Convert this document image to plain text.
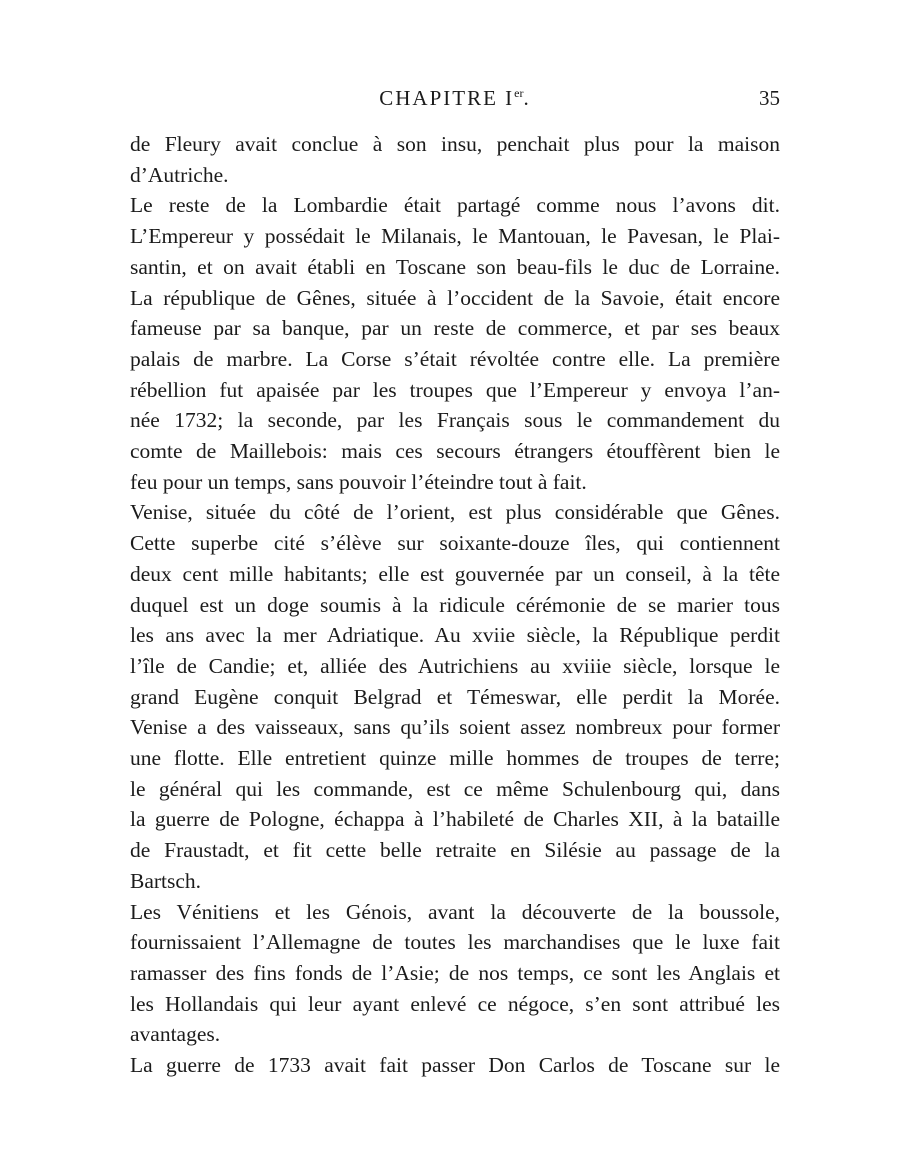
CHAPITRE Ier.	35

de Fleury avait conclue à son insu, penchait plus pour la maison
d’Autriche.

Le reste de la Lombardie était partagé comme nous l’avons dit.
L’Empereur y possédait le Milanais, le Mantouan, le Pavesan, le Plai-
santin, et on avait établi en Toscane son beau-fils le duc de Lorraine.
La république de Gênes, située à l’occident de la Savoie, était encore
fameuse par sa banque, par un reste de commerce, et par ses beaux
palais de marbre. La Corse s’était révoltée contre elle. La première
rébellion fut apaisée par les troupes que l’Empereur y envoya l’an-
née 1732; la seconde, par les Français sous le commandement du
comte de Maillebois: mais ces secours étrangers étouffèrent bien le
feu pour un temps, sans pouvoir l’éteindre tout à fait.

Venise, située du côté de l’orient, est plus considérable que Gênes.
Cette superbe cité s’élève sur soixante-douze îles, qui contiennent
deux cent mille habitants; elle est gouvernée par un conseil, à la tête
duquel est un doge soumis à la ridicule cérémonie de se marier tous
les ans avec la mer Adriatique. Au xviie siècle, la République perdit
l’île de Candie; et, alliée des Autrichiens au xviiie siècle, lorsque le
grand Eugène conquit Belgrad et Témeswar, elle perdit la Morée.
Venise a des vaisseaux, sans qu’ils soient assez nombreux pour former
une flotte. Elle entretient quinze mille hommes de troupes de terre;
le général qui les commande, est ce même Schulenbourg qui, dans
la guerre de Pologne, échappa à l’habileté de Charles XII, à la bataille
de Fraustadt, et fit cette belle retraite en Silésie au passage de la
Bartsch.

Les Vénitiens et les Génois, avant la découverte de la boussole,
fournissaient l’Allemagne de toutes les marchandises que le luxe fait
ramasser des fins fonds de l’Asie; de nos temps, ce sont les Anglais et
les Hollandais qui leur ayant enlevé ce négoce, s’en sont attribué les
avantages.

La guerre de 1733 avait fait passer Don Carlos de Toscane sur le
